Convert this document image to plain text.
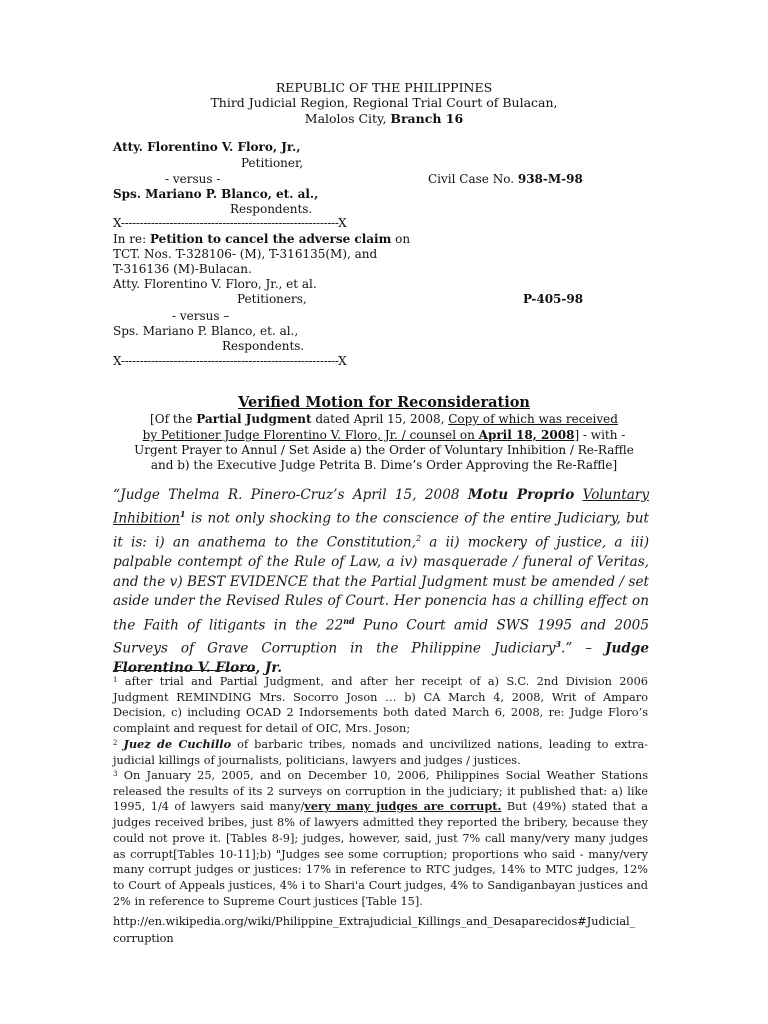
REPUBLIC OF THE PHILIPPINES
Third Judicial Region, Regional Trial Court of Bulacan,
Malolos City, Branch 16
Atty. Florentino V. Floro, Jr.,
Petitioner,
- versus -	Civil Case No. 938-M-98
Sps. Mariano P. Blanco, et. al.,
Respondents.
X----------------------------------------------------------X
In re: Petition to cancel the adverse claim on
TCT. Nos. T-328106- (M), T-316135(M), and
T-316136 (M)-Bulacan.
Atty. Florentino V. Floro, Jr., et al.
Petitioners,	P-405-98
- versus –
Sps. Mariano P. Blanco, et. al.,
Respondents.
X----------------------------------------------------------X
Verified Motion for Reconsideration
[Of the Partial Judgment dated April 15, 2008, Copy of which was received
by Petitioner Judge Florentino V. Floro, Jr. / counsel on April 18, 2008] - with -
Urgent Prayer to Annul / Set Aside a) the Order of Voluntary Inhibition / Re-Raffle
and b) the Executive Judge Petrita B. Dime’s Order Approving the Re-Raffle]
“Judge Thelma R. Pinero-Cruz’s April 15, 2008 Motu Proprio Voluntary Inhibition$^1$ is not only shocking to the conscience of the entire Judiciary, but it is: i) an anathema to the Constitution,$^2$ a ii) mockery of justice, a iii) palpable contempt of the Rule of Law, a iv) masquerade / funeral of Veritas, and the v) BEST EVIDENCE that the Partial Judgment must be amended / set aside under the Revised Rules of Court. Her ponencia has a chilling effect on the Faith of litigants in the 22nd Puno Court amid SWS 1995 and 2005 Surveys of Grave Corruption in the Philippine Judiciary$^3$.” – Judge Florentino V. Floro, Jr.
$^1$ after trial and Partial Judgment, and after her receipt of a) S.C. 2nd Division 2006 Judgment REMINDING Mrs. Socorro Joson … b) CA March 4, 2008, Writ of Amparo Decision, c) including OCAD 2 Indorsements both dated March 6, 2008, re: Judge Floro’s complaint and request for detail of OIC, Mrs. Joson;
$^2$ Juez de Cuchillo of barbaric tribes, nomads and uncivilized nations, leading to extra-judicial killings of journalists, politicians, lawyers and judges / justices.
$^3$ On January 25, 2005, and on December 10, 2006, Philippines Social Weather Stations released the results of its 2 surveys on corruption in the judiciary; it published that: a) like 1995, 1/4 of lawyers said many/very many judges are corrupt. But (49%) stated that a judges received bribes, just 8% of lawyers admitted they reported the bribery, because they could not prove it. [Tables 8-9]; judges, however, said, just 7% call many/very many judges as corrupt[Tables 10-11];b) "Judges see some corruption; proportions who said - many/very many corrupt judges or justices: 17% in reference to RTC judges, 14% to MTC judges, 12% to Court of Appeals justices, 4% i to Shari'a Court judges, 4% to Sandiganbayan justices and 2% in reference to Supreme Court justices [Table 15].
http://en.wikipedia.org/wiki/Philippine_Extrajudicial_Killings_and_Desaparecidos#Judicial_
corruption
